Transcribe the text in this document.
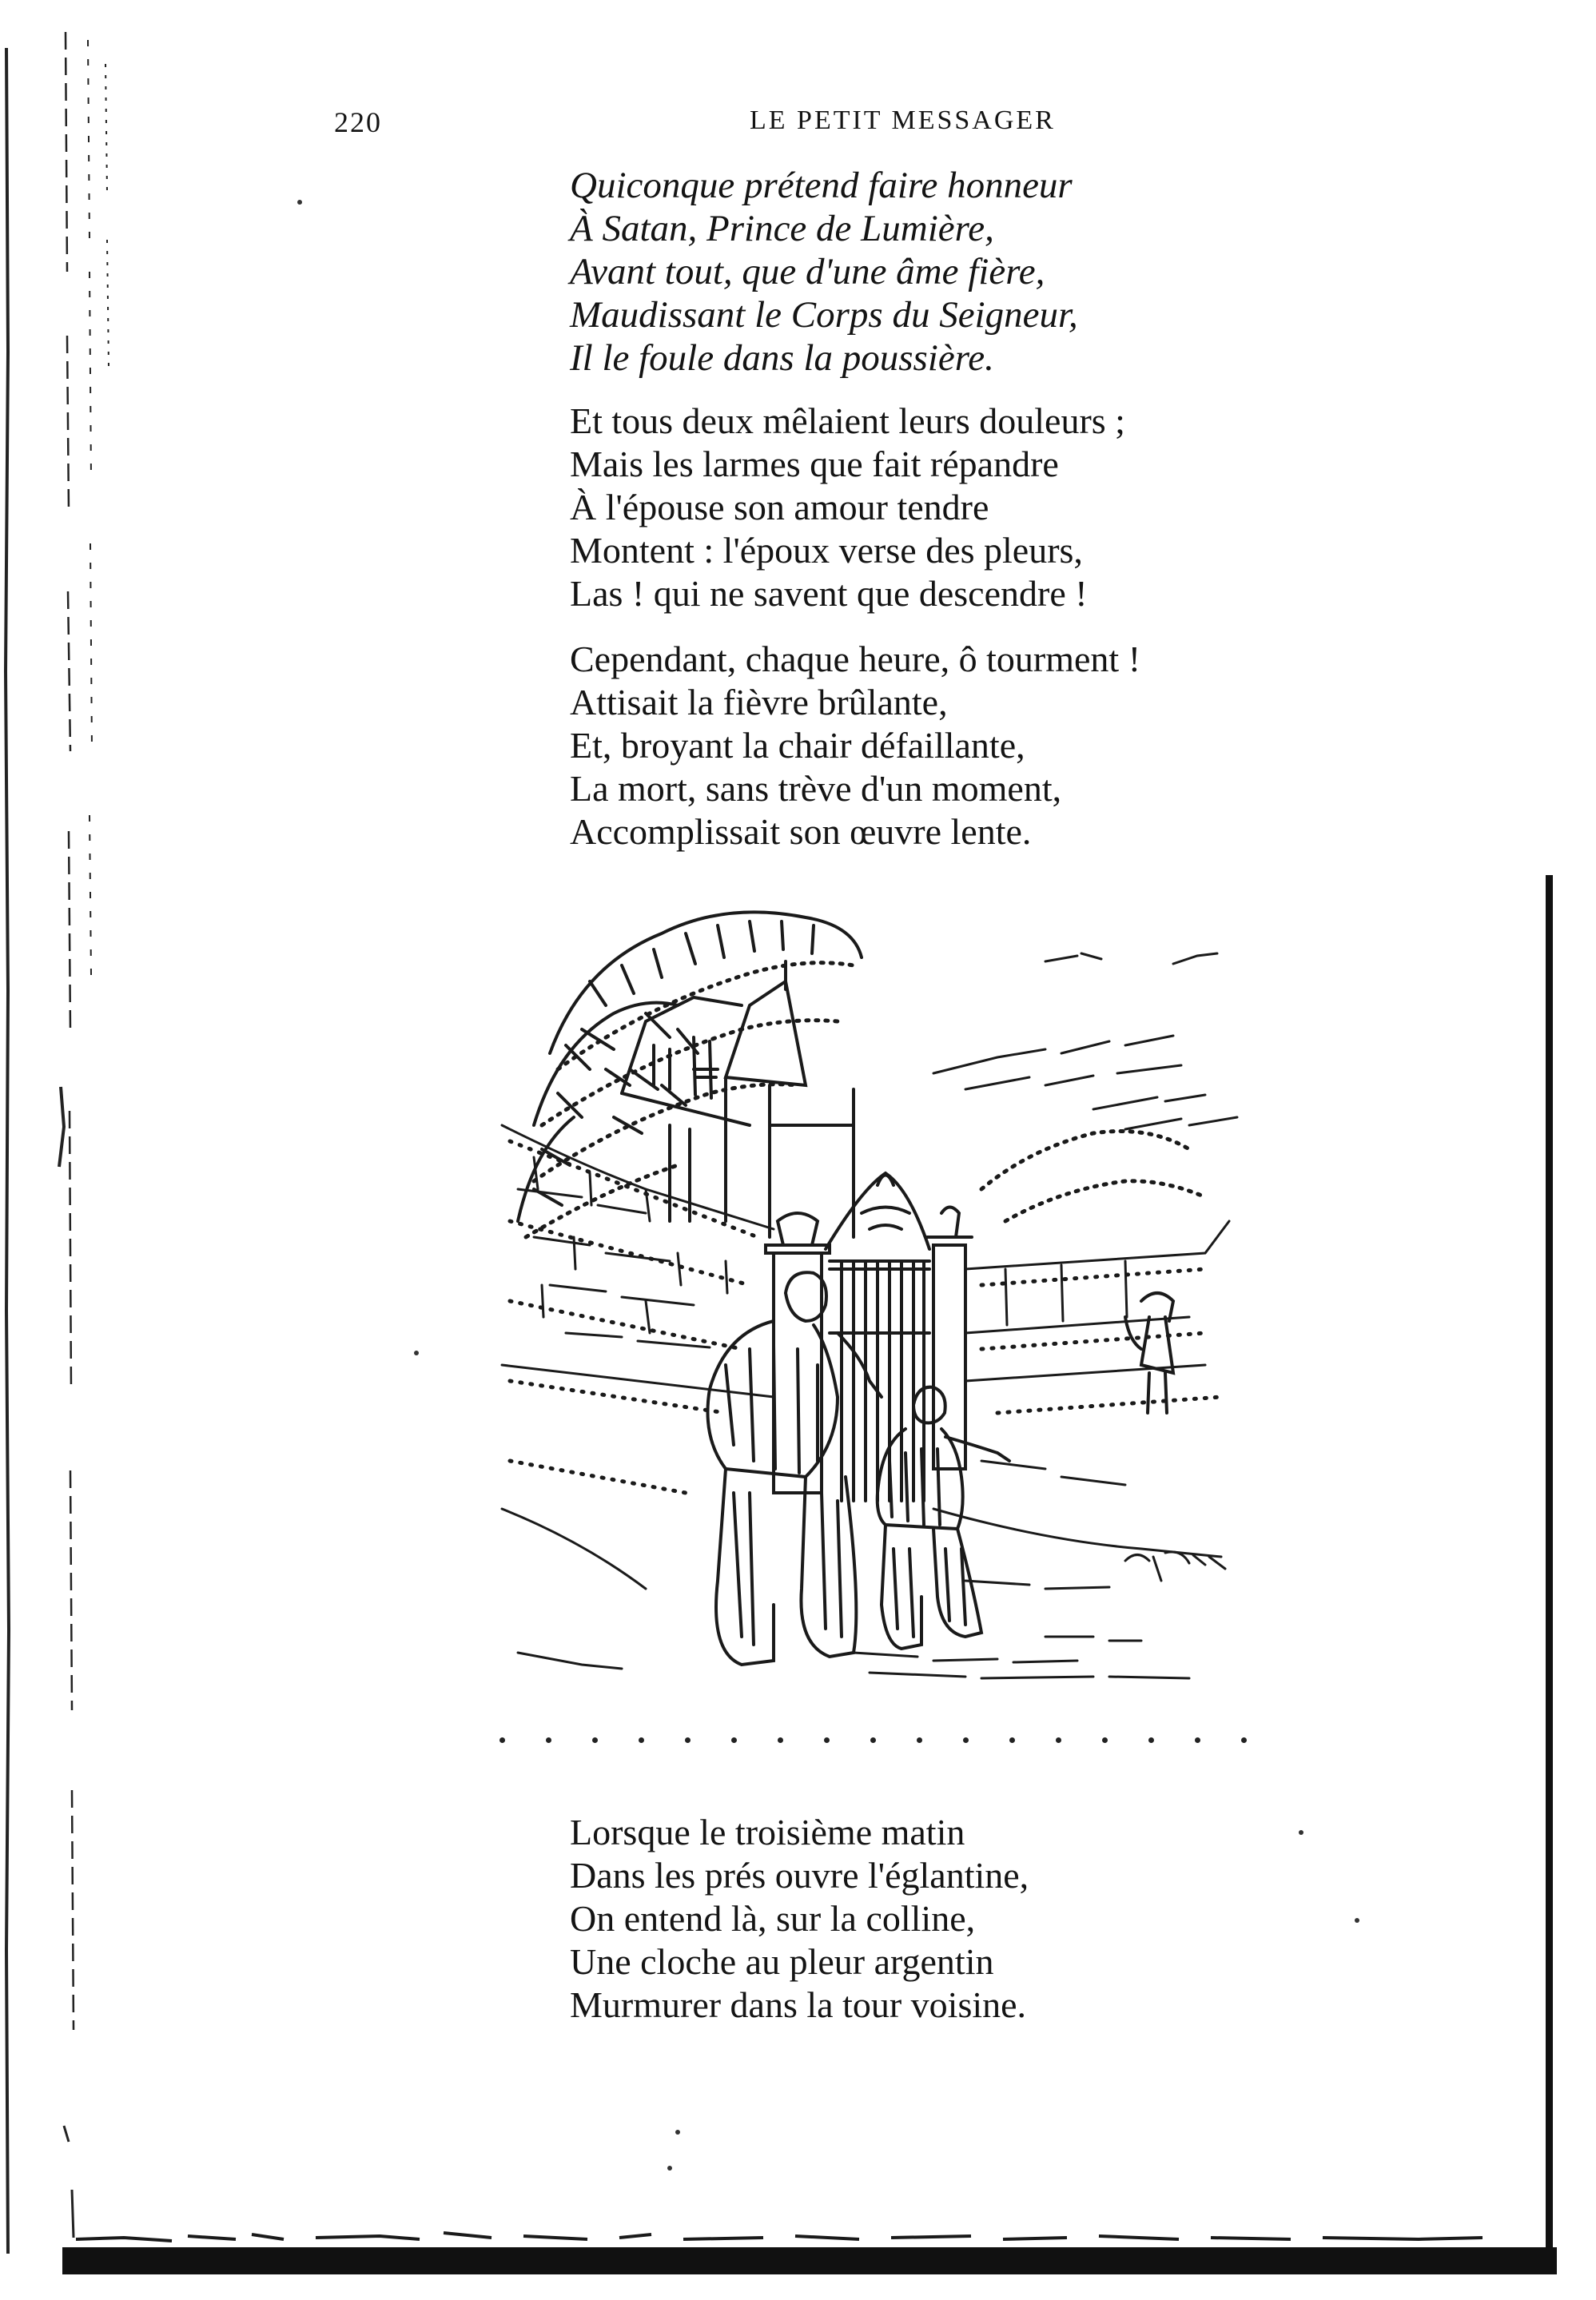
220	LE PETIT MESSAGER
Quiconque prétend faire honneur
À Satan, Prince de Lumière,
Avant tout, que d'une âme fière,
Maudissant le Corps du Seigneur,
Il le foule dans la poussière.
Et tous deux mêlaient leurs douleurs ;
Mais les larmes que fait répandre
À l'épouse son amour tendre
Montent : l'époux verse des pleurs,
Las ! qui ne savent que descendre !
Cependant, chaque heure, ô tourment !
Attisait la fièvre brûlante,
Et, broyant la chair défaillante,
La mort, sans trève d'un moment,
Accomplissait son œuvre lente.
Lorsque le troisième matin
Dans les prés ouvre l'églantine,
On entend là, sur la colline,
Une cloche au pleur argentin
Murmurer dans la tour voisine.
